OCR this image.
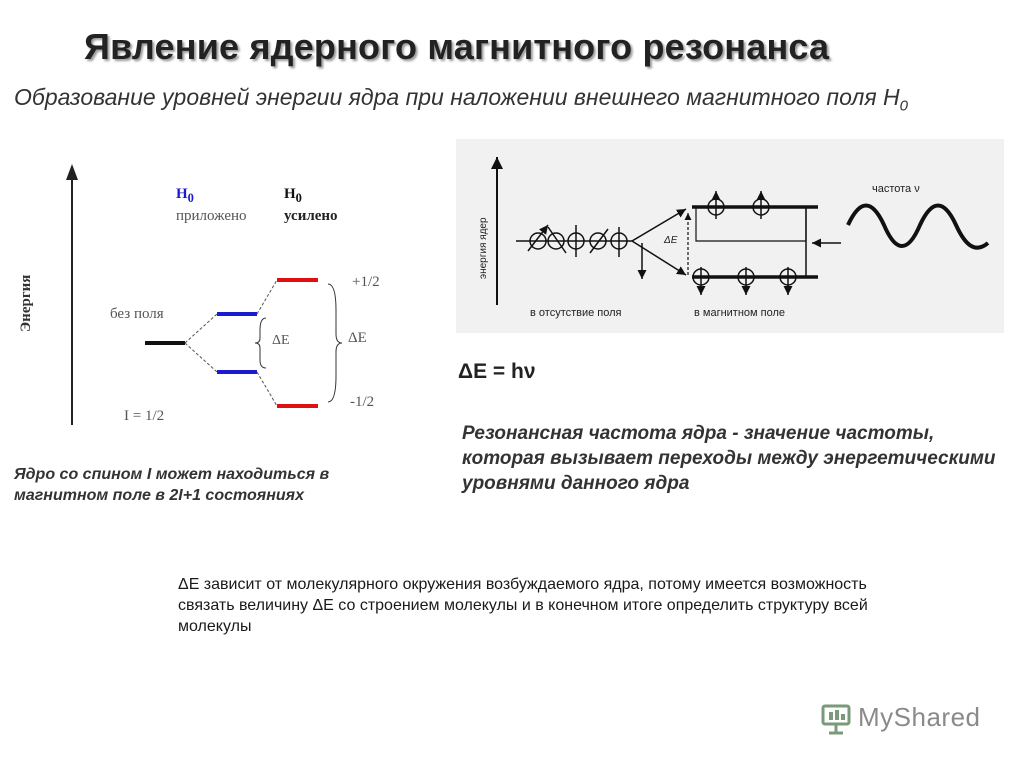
Явление ядерного магнитного резонанса
Образование уровней энергии ядра при наложении внешнего магнитного поля $H_0$
Энергия
$H_0$
приложено
$H_0$
усилено
без поля
ΔE	ΔE
+1/2
-1/2
I = 1/2
энергия ядер
частота ν
ΔE
в отсутствие поля	в магнитном поле
Ядро со спином I может находиться в магнитном поле в 2I+1 состояниях
ΔE = hν
Резонансная частота ядра - значение частоты, которая вызывает переходы между энергетическими уровнями данного ядра
ΔE зависит от молекулярного окружения возбуждаемого ядра, потому имеется возможность связать величину ΔE со строением молекулы и в конечном итоге определить структуру всей молекулы
MyShared
